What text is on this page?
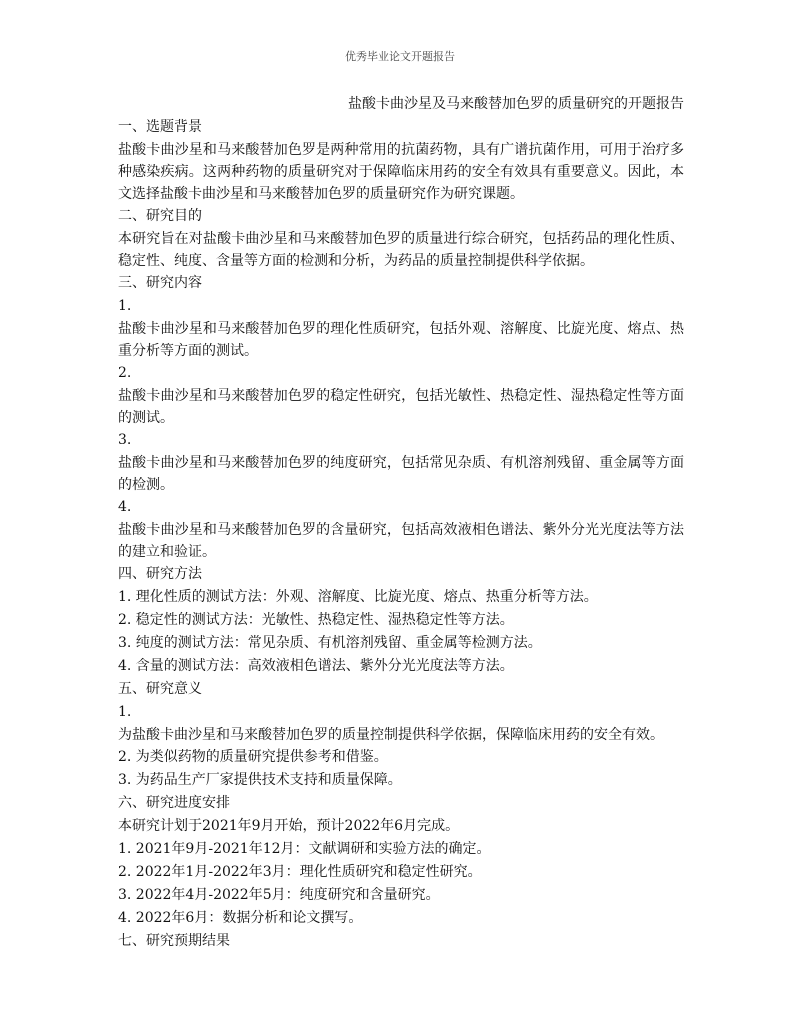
优秀毕业论文开题报告

盐酸卡曲沙星及马来酸替加色罗的质量研究的开题报告

一、选题背景

盐酸卡曲沙星和马来酸替加色罗是两种常用的抗菌药物，具有广谱抗菌作用，可用于治疗多种感染疾病。这两种药物的质量研究对于保障临床用药的安全有效具有重要意义。因此，本文选择盐酸卡曲沙星和马来酸替加色罗的质量研究作为研究课题。

二、研究目的

本研究旨在对盐酸卡曲沙星和马来酸替加色罗的质量进行综合研究，包括药品的理化性质、稳定性、纯度、含量等方面的检测和分析，为药品的质量控制提供科学依据。

三、研究内容

1.

盐酸卡曲沙星和马来酸替加色罗的理化性质研究，包括外观、溶解度、比旋光度、熔点、热重分析等方面的测试。

2.

盐酸卡曲沙星和马来酸替加色罗的稳定性研究，包括光敏性、热稳定性、湿热稳定性等方面的测试。

3.

盐酸卡曲沙星和马来酸替加色罗的纯度研究，包括常见杂质、有机溶剂残留、重金属等方面的检测。

4.

盐酸卡曲沙星和马来酸替加色罗的含量研究，包括高效液相色谱法、紫外分光光度法等方法的建立和验证。

四、研究方法

1. 理化性质的测试方法：外观、溶解度、比旋光度、熔点、热重分析等方法。

2. 稳定性的测试方法：光敏性、热稳定性、湿热稳定性等方法。

3. 纯度的测试方法：常见杂质、有机溶剂残留、重金属等检测方法。

4. 含量的测试方法：高效液相色谱法、紫外分光光度法等方法。

五、研究意义

1.

为盐酸卡曲沙星和马来酸替加色罗的质量控制提供科学依据，保障临床用药的安全有效。

2. 为类似药物的质量研究提供参考和借鉴。

3. 为药品生产厂家提供技术支持和质量保障。

六、研究进度安排

本研究计划于2021年9月开始，预计2022年6月完成。

1. 2021年9月-2021年12月：文献调研和实验方法的确定。

2. 2022年1月-2022年3月：理化性质研究和稳定性研究。

3. 2022年4月-2022年5月：纯度研究和含量研究。

4. 2022年6月：数据分析和论文撰写。

七、研究预期结果
